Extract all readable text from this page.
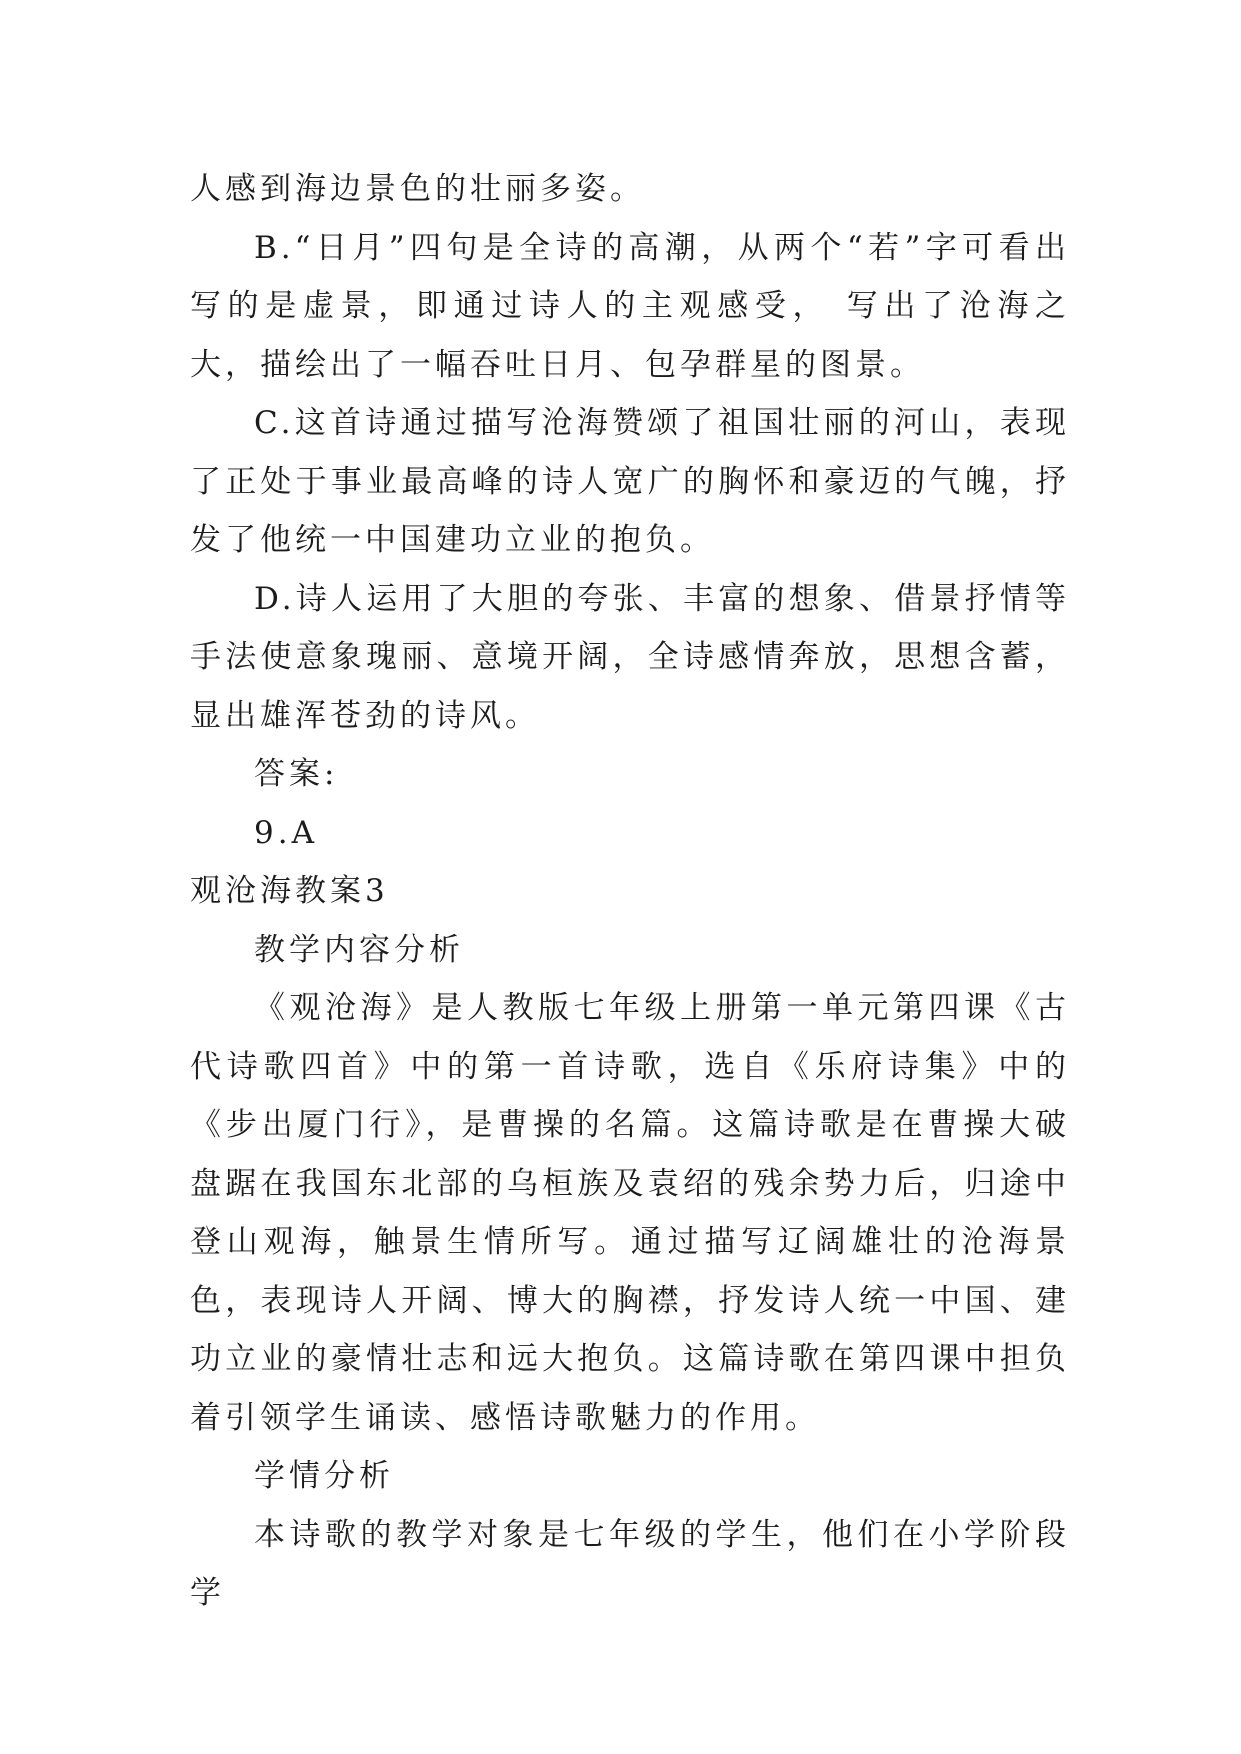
人感到海边景色的壮丽多姿。

B.“日月”四句是全诗的高潮，从两个“若”字可看出写的是虚景，即通过诗人的主观感受， 写出了沧海之大，描绘出了一幅吞吐日月、包孕群星的图景。

C.这首诗通过描写沧海赞颂了祖国壮丽的河山，表现了正处于事业最高峰的诗人宽广的胸怀和豪迈的气魄，抒发了他统一中国建功立业的抱负。

D.诗人运用了大胆的夸张、丰富的想象、借景抒情等手法使意象瑰丽、意境开阔，全诗感情奔放，思想含蓄，显出雄浑苍劲的诗风。

答案:

9.A

观沧海教案3

教学内容分析

《观沧海》是人教版七年级上册第一单元第四课《古代诗歌四首》中的第一首诗歌，选自《乐府诗集》中的《步出厦门行》，是曹操的名篇。这篇诗歌是在曹操大破盘踞在我国东北部的乌桓族及袁绍的残余势力后，归途中登山观海，触景生情所写。通过描写辽阔雄壮的沧海景色，表现诗人开阔、博大的胸襟，抒发诗人统一中国、建功立业的豪情壮志和远大抱负。这篇诗歌在第四课中担负着引领学生诵读、感悟诗歌魅力的作用。

学情分析

本诗歌的教学对象是七年级的学生，他们在小学阶段学
